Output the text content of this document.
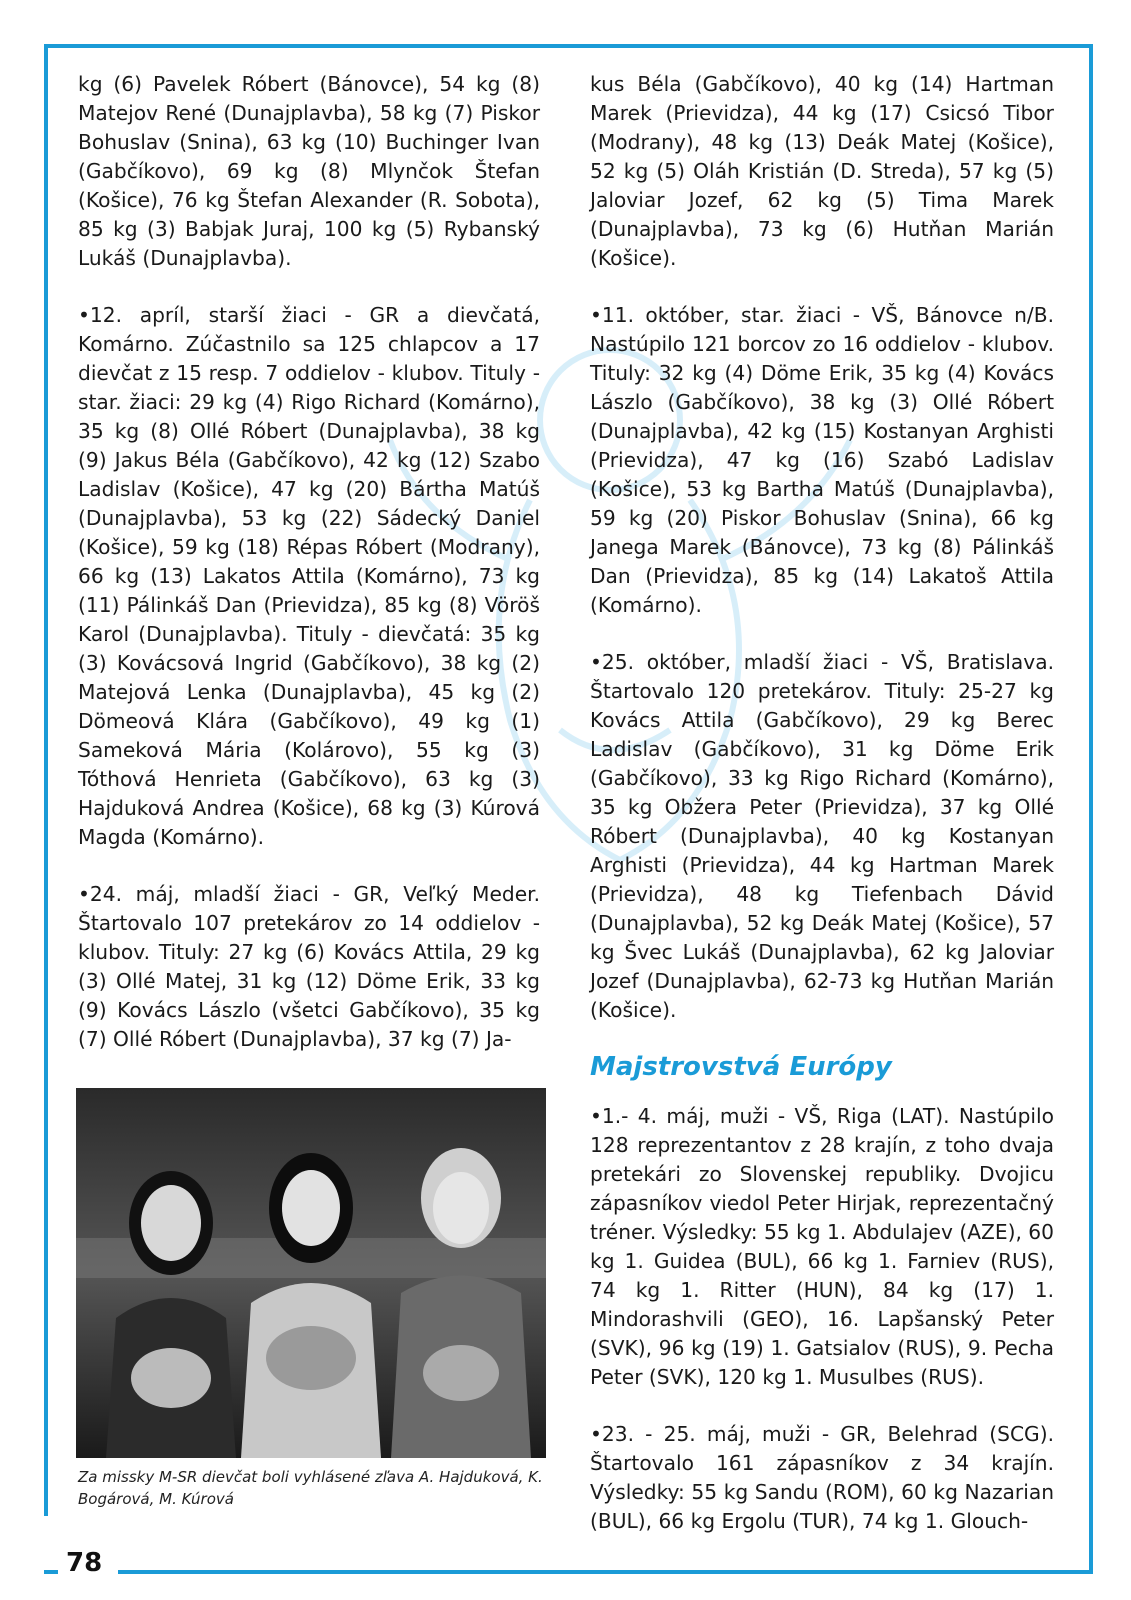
kg (6) Pavelek Róbert (Bánovce), 54 kg (8) Matejov René (Dunajplavba), 58 kg (7) Piskor Bohuslav (Snina), 63 kg (10) Buchinger Ivan (Gabčíkovo), 69 kg (8) Mlynčok Štefan (Košice), 76 kg Štefan Alexander (R. Sobota), 85 kg (3) Babjak Juraj, 100 kg (5) Rybanský Lukáš (Dunajplavba).

•12. apríl, starší žiaci - GR a dievčatá, Komárno. Zúčastnilo sa 125 chlapcov a 17 dievčat z 15 resp. 7 oddielov - klubov. Tituly - star. žiaci: 29 kg (4) Rigo Richard (Komárno), 35 kg (8) Ollé Róbert (Dunajplavba), 38 kg (9) Jakus Béla (Gabčíkovo), 42 kg (12) Szabo Ladislav (Košice), 47 kg (20) Bártha Matúš (Dunajplavba), 53 kg (22) Sádecký Daniel (Košice), 59 kg (18) Répas Róbert (Modrany), 66 kg (13) Lakatos Attila (Komárno), 73 kg (11) Pálinkáš Dan (Prievidza), 85 kg (8) Vöröš Karol (Dunajplavba). Tituly - dievčatá: 35 kg (3) Kovácsová Ingrid (Gabčíkovo), 38 kg (2) Matejová Lenka (Dunajplavba), 45 kg (2) Dömeová Klára (Gabčíkovo), 49 kg (1) Sameková Mária (Kolárovo), 55 kg (3) Tóthová Henrieta (Gabčíkovo), 63 kg (3) Hajduková Andrea (Košice), 68 kg (3) Kúrová Magda (Komárno).

•24. máj, mladší žiaci - GR, Veľký Meder. Štartovalo 107 pretekárov zo 14 oddielov - klubov. Tituly: 27 kg (6) Kovács Attila, 29 kg (3) Ollé Matej, 31 kg (12) Döme Erik, 33 kg (9) Kovács Lászlo (všetci Gabčíkovo), 35 kg (7) Ollé Róbert (Dunajplavba), 37 kg (7) Ja-

Za missky M-SR dievčat boli vyhlásené zľava A. Hajduková, K. Bogárová, M. Kúrová

kus Béla (Gabčíkovo), 40 kg (14) Hartman Marek (Prievidza), 44 kg (17) Csicsó Tibor (Modrany), 48 kg (13) Deák Matej (Košice), 52 kg (5) Oláh Kristián (D. Streda), 57 kg (5) Jaloviar Jozef, 62 kg (5) Tima Marek (Dunajplavba), 73 kg (6) Hutňan Marián (Košice).

•11. október, star. žiaci - VŠ, Bánovce n/B. Nastúpilo 121 borcov zo 16 oddielov - klubov. Tituly: 32 kg (4) Döme Erik, 35 kg (4) Kovács Lászlo (Gabčíkovo), 38 kg (3) Ollé Róbert (Dunajplavba), 42 kg (15) Kostanyan Arghisti (Prievidza), 47 kg (16) Szabó Ladislav (Košice), 53 kg Bartha Matúš (Dunajplavba), 59 kg (20) Piskor Bohuslav (Snina), 66 kg Janega Marek (Bánovce), 73 kg (8) Pálinkáš Dan (Prievidza), 85 kg (14) Lakatoš Attila (Komárno).

•25. október, mladší žiaci - VŠ, Bratislava. Štartovalo 120 pretekárov. Tituly: 25-27 kg Kovács Attila (Gabčíkovo), 29 kg Berec Ladislav (Gabčíkovo), 31 kg Döme Erik (Gabčíkovo), 33 kg Rigo Richard (Komárno), 35 kg Obžera Peter (Prievidza), 37 kg Ollé Róbert (Dunajplavba), 40 kg Kostanyan Arghisti (Prievidza), 44 kg Hartman Marek (Prievidza), 48 kg Tiefenbach Dávid (Dunajplavba), 52 kg Deák Matej (Košice), 57 kg Švec Lukáš (Dunajplavba), 62 kg Jaloviar Jozef (Dunajplavba), 62-73 kg Hutňan Marián (Košice).

Majstrovstvá Európy

•1.- 4. máj, muži - VŠ, Riga (LAT). Nastúpilo 128 reprezentantov z 28 krajín, z toho dvaja pretekári zo Slovenskej republiky. Dvojicu zápasníkov viedol Peter Hirjak, reprezentačný tréner. Výsledky: 55 kg 1. Abdulajev (AZE), 60 kg 1. Guidea (BUL), 66 kg 1. Farniev (RUS), 74 kg 1. Ritter (HUN), 84 kg (17) 1. Mindorashvili (GEO), 16. Lapšanský Peter (SVK), 96 kg (19) 1. Gatsialov (RUS), 9. Pecha Peter (SVK), 120 kg 1. Musulbes (RUS).

•23. - 25. máj, muži - GR, Belehrad (SCG). Štartovalo 161 zápasníkov z 34 krajín. Výsledky: 55 kg Sandu (ROM), 60 kg Nazarian (BUL), 66 kg Ergolu (TUR), 74 kg 1. Glouch-

78
